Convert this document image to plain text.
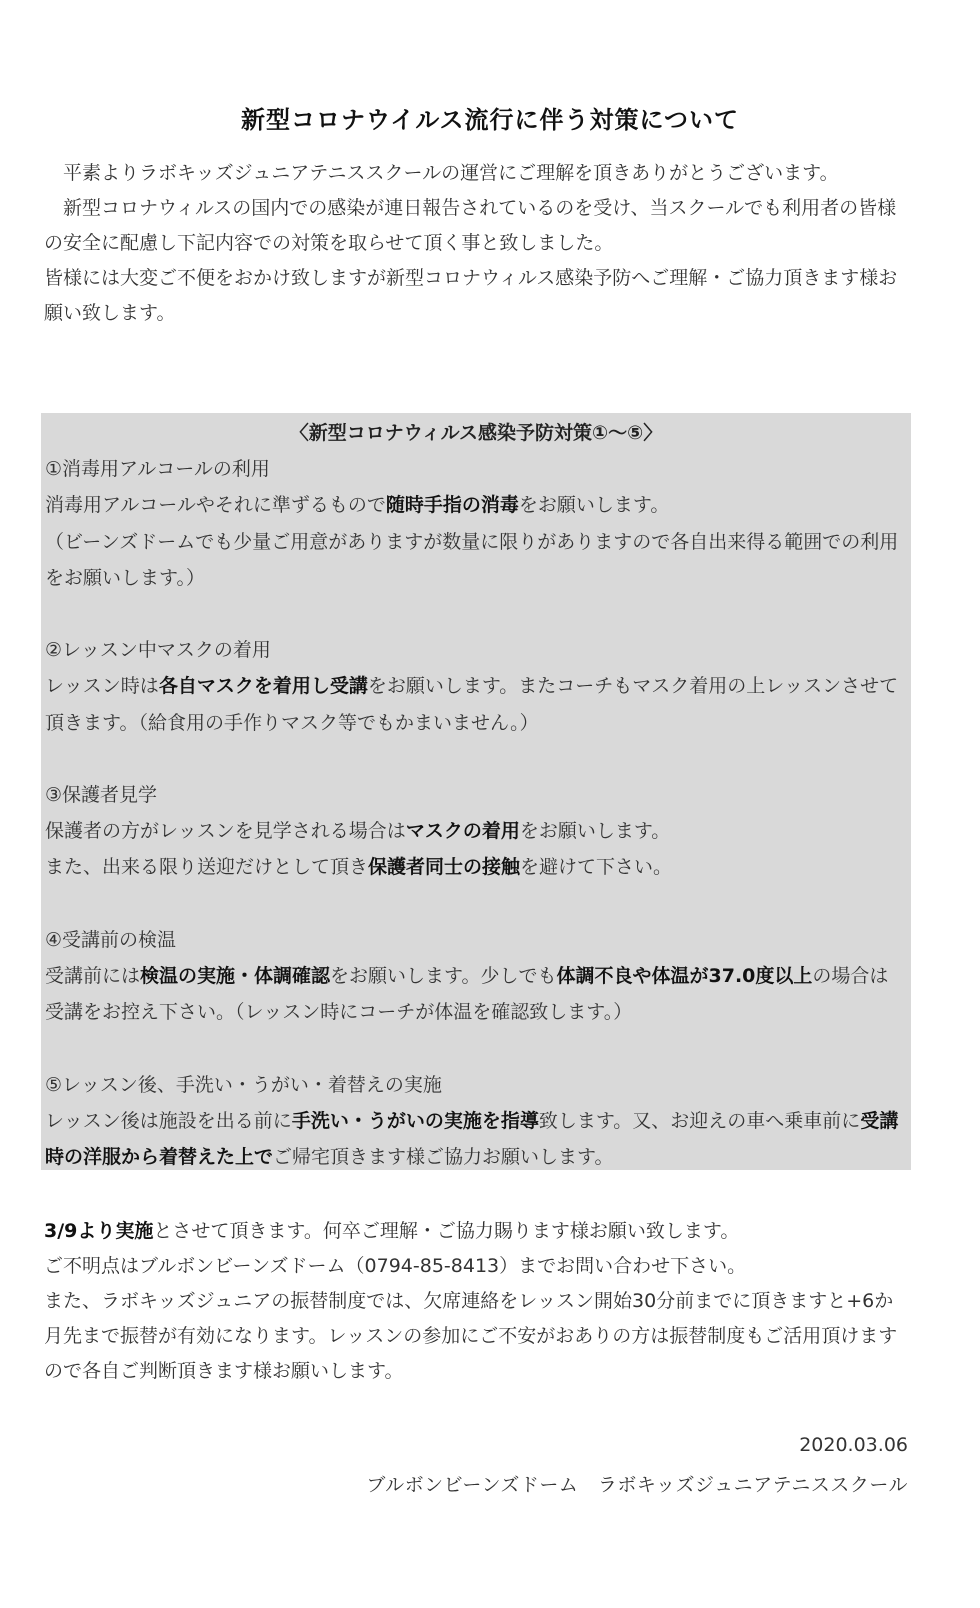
新型コロナウイルス流行に伴う対策について

　平素よりラボキッズジュニアテニススクールの運営にご理解を頂きありがとうございます。

　新型コロナウィルスの国内での感染が連日報告されているのを受け、当スクールでも利用者の皆様の安全に配慮し下記内容での対策を取らせて頂く事と致しました。

皆様には大変ご不便をおかけ致しますが新型コロナウィルス感染予防へご理解・ご協力頂きます様お願い致します。

〈新型コロナウィルス感染予防対策①〜⑤〉

①消毒用アルコールの利用

消毒用アルコールやそれに準ずるもので随時手指の消毒をお願いします。

（ビーンズドームでも少量ご用意がありますが数量に限りがありますので各自出来得る範囲での利用をお願いします。）

②レッスン中マスクの着用

レッスン時は各自マスクを着用し受講をお願いします。またコーチもマスク着用の上レッスンさせて頂きます。（給食用の手作りマスク等でもかまいません。）

③保護者見学

保護者の方がレッスンを見学される場合はマスクの着用をお願いします。

また、出来る限り送迎だけとして頂き保護者同士の接触を避けて下さい。

④受講前の検温

受講前には検温の実施・体調確認をお願いします。少しでも体調不良や体温が37.0度以上の場合は受講をお控え下さい。（レッスン時にコーチが体温を確認致します。）

⑤レッスン後、手洗い・うがい・着替えの実施

レッスン後は施設を出る前に手洗い・うがいの実施を指導致します。又、お迎えの車へ乗車前に受講時の洋服から着替えた上でご帰宅頂きます様ご協力お願いします。

3/9より実施とさせて頂きます。何卒ご理解・ご協力賜ります様お願い致します。

ご不明点はブルボンビーンズドーム（0794-85-8413）までお問い合わせ下さい。

また、ラボキッズジュニアの振替制度では、欠席連絡をレッスン開始30分前までに頂きますと+6か月先まで振替が有効になります。レッスンの参加にご不安がおありの方は振替制度もご活用頂けますので各自ご判断頂きます様お願いします。

2020.03.06
ブルボンビーンズドーム　ラボキッズジュニアテニススクール
